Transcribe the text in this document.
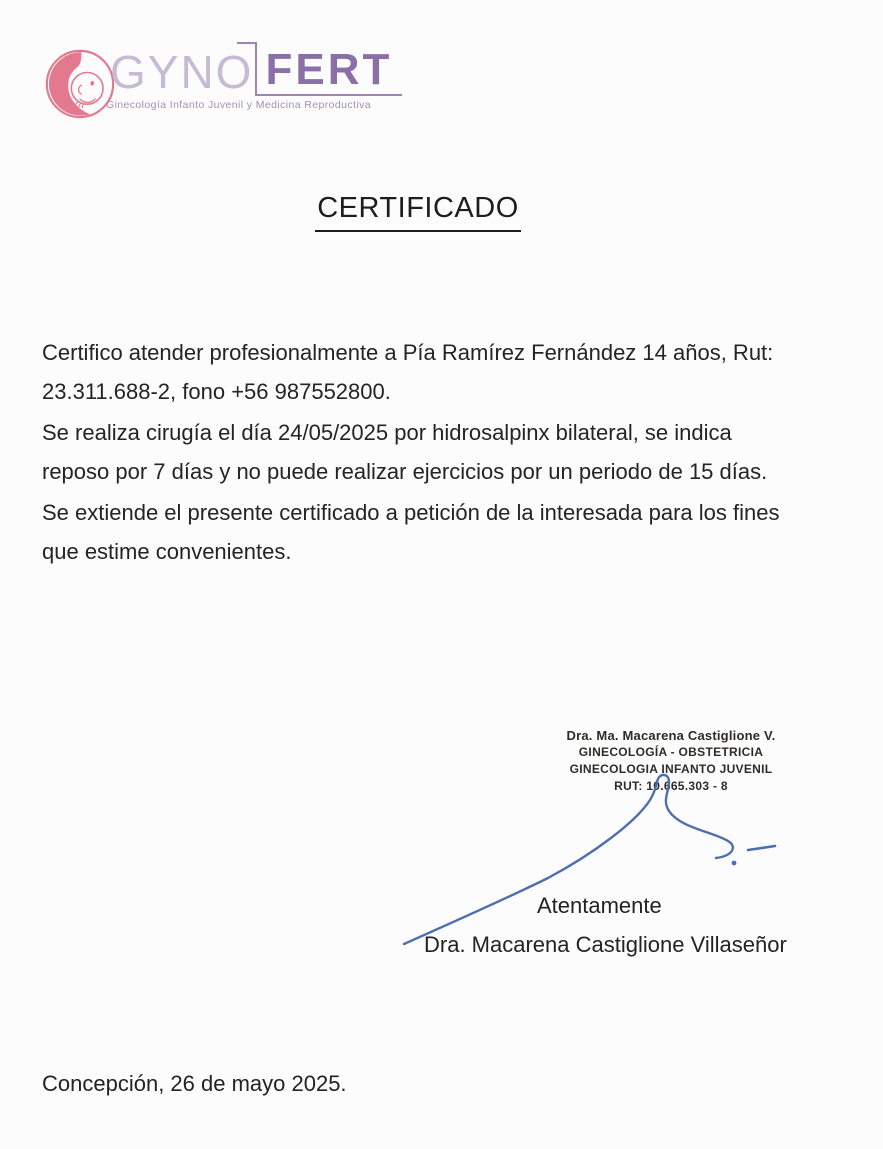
GYNO FERT
Ginecología Infanto Juvenil y Medicina Reproductiva
CERTIFICADO

Certifico atender profesionalmente a Pía Ramírez Fernández 14 años, Rut:
23.311.688-2, fono +56 987552800.

Se realiza cirugía el día 24/05/2025 por hidrosalpinx bilateral, se indica
reposo por 7 días y no puede realizar ejercicios por un periodo de 15 días.

Se extiende el presente certificado a petición de la interesada para los fines
que estime convenientes.

Dra. Ma. Macarena Castiglione V.
GINECOLOGÍA - OBSTETRICIA
GINECOLOGIA INFANTO JUVENIL
RUT: 10.665.303 - 8
Atentamente
Dra. Macarena Castiglione Villaseñor
Concepción, 26 de mayo 2025.
